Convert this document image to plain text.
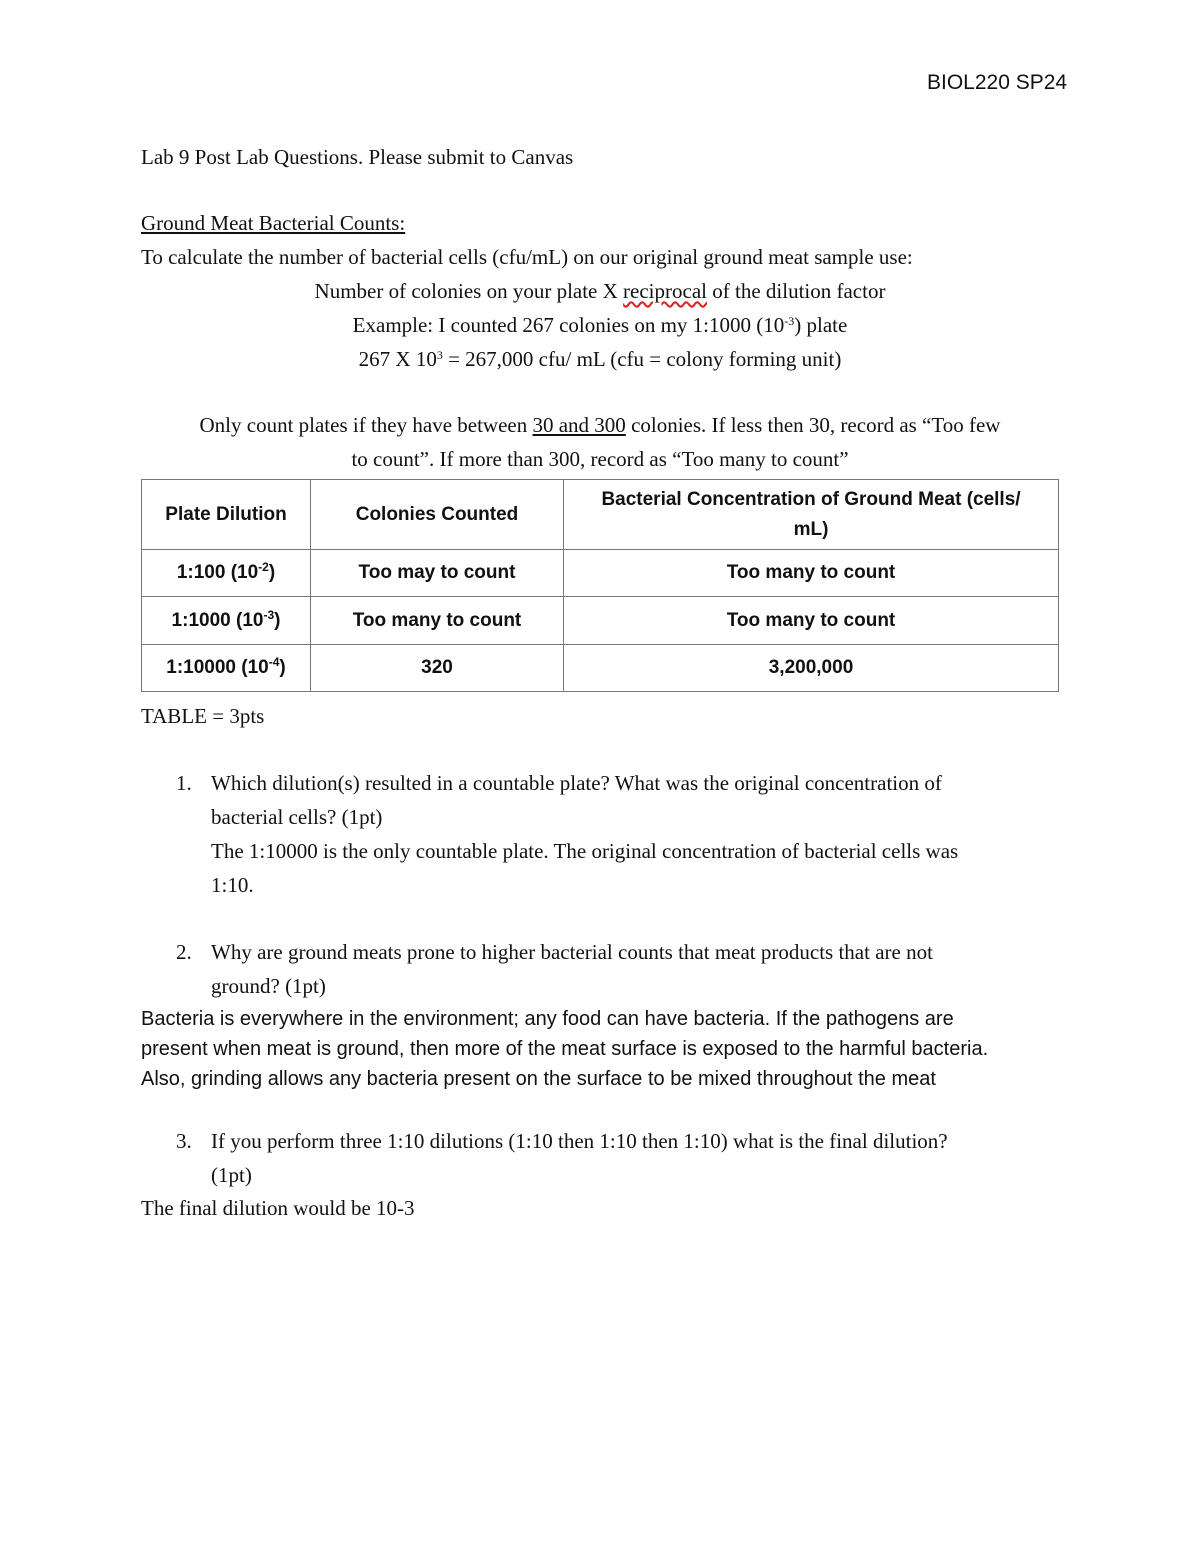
BIOL220 SP24
Lab 9 Post Lab Questions. Please submit to Canvas
Ground Meat Bacterial Counts:
To calculate the number of bacterial cells (cfu/mL) on our original ground meat sample use:
Number of colonies on your plate X reciprocal of the dilution factor
Example: I counted 267 colonies on my 1:1000 $(10^{-3})$ plate
267 X $10^3 = 267,000$ cfu/ mL (cfu = colony forming unit)
Only count plates if they have between 30 and 300 colonies. If less then 30, record as “Too few
to count”. If more than 300, record as “Too many to count”
Plate Dilution	Colonies Counted	Bacterial Concentration of Ground Meat (cells/ mL)
1:100 $(10^{-2})$	Too may to count	Too many to count
1:1000 $(10^{-3})$	Too many to count	Too many to count
1:10000 $(10^{-4})$	320	3,200,000
TABLE = 3pts
1. Which dilution(s) resulted in a countable plate? What was the original concentration of
bacterial cells? (1pt)
The 1:10000 is the only countable plate. The original concentration of bacterial cells was
1:10.
2. Why are ground meats prone to higher bacterial counts that meat products that are not
ground? (1pt)
Bacteria is everywhere in the environment; any food can have bacteria. If the pathogens are
present when meat is ground, then more of the meat surface is exposed to the harmful bacteria.
Also, grinding allows any bacteria present on the surface to be mixed throughout the meat
3. If you perform three 1:10 dilutions (1:10 then 1:10 then 1:10) what is the final dilution?
(1pt)
The final dilution would be 10-3
